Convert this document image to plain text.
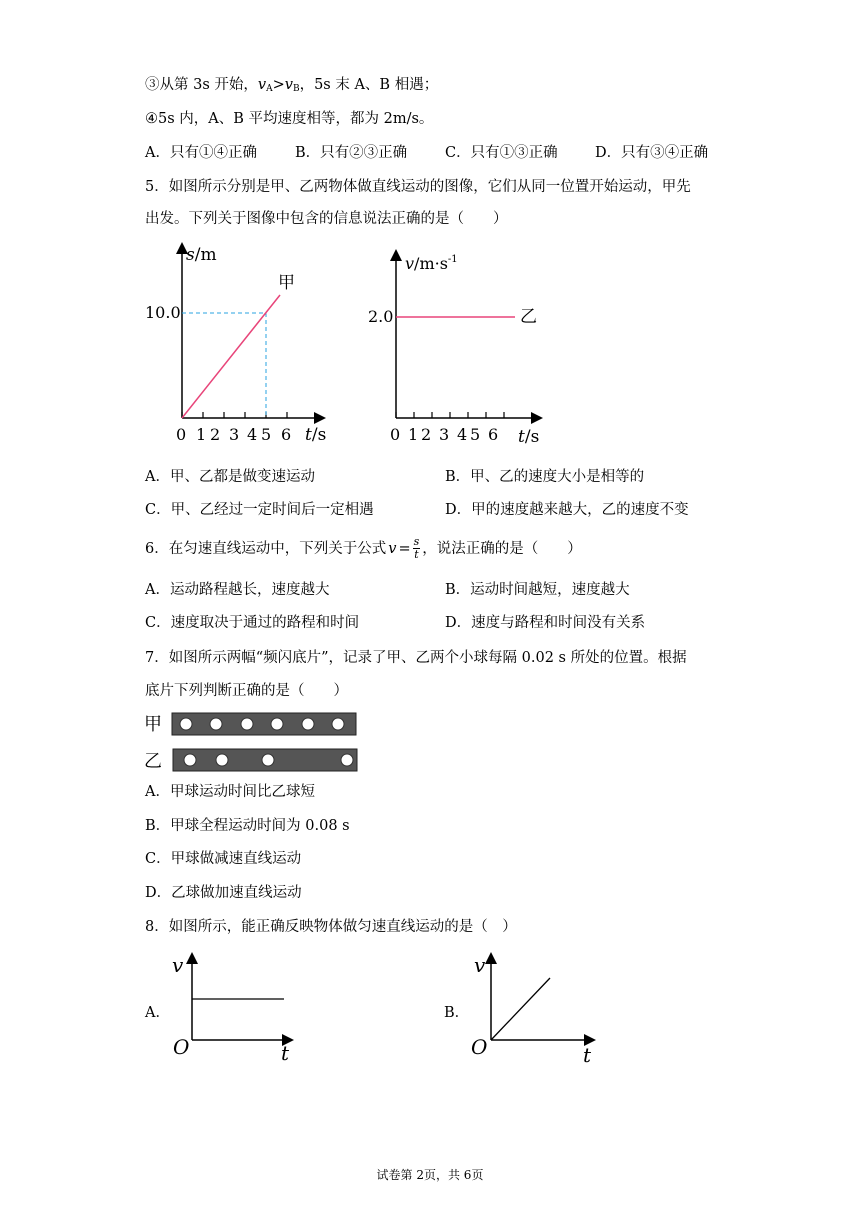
③从第 3s 开始，$v_A>v_B$，5s 末 A、B 相遇；
④5s 内，A、B 平均速度相等，都为 2m/s。
A．只有①④正确	B．只有②③正确	C．只有①③正确	D．只有③④正确
5．如图所示分别是甲、乙两物体做直线运动的图像，它们从同一位置开始运动，甲先
出发。下列关于图像中包含的信息说法正确的是（　　）
s/m
10.0
甲
0 1 2 3 4 5 6 t/s
$v/m\cdot s^{-1}$
2.0	乙
0 1 2 3 4 5 6 t/s
A．甲、乙都是做变速运动	B．甲、乙的速度大小是相等的
C．甲、乙经过一定时间后一定相遇	D．甲的速度越来越大，乙的速度不变
6．在匀速直线运动中，下列关于公式 $v = \frac{s}{t}$ ，说法正确的是（　　）
A．运动路程越长，速度越大	B．运动时间越短，速度越大
C．速度取决于通过的路程和时间	D．速度与路程和时间没有关系
7．如图所示两幅“频闪底片”，记录了甲、乙两个小球每隔 0.02 s 所处的位置。根据
底片下列判断正确的是（　　）
甲
乙
A．甲球运动时间比乙球短
B．甲球全程运动时间为 0.08 s
C．甲球做减速直线运动
D．乙球做加速直线运动
8．如图所示，能正确反映物体做匀速直线运动的是（　）
A．
v
O	t
B．
v
O	t
试卷第 2页，共 6页
